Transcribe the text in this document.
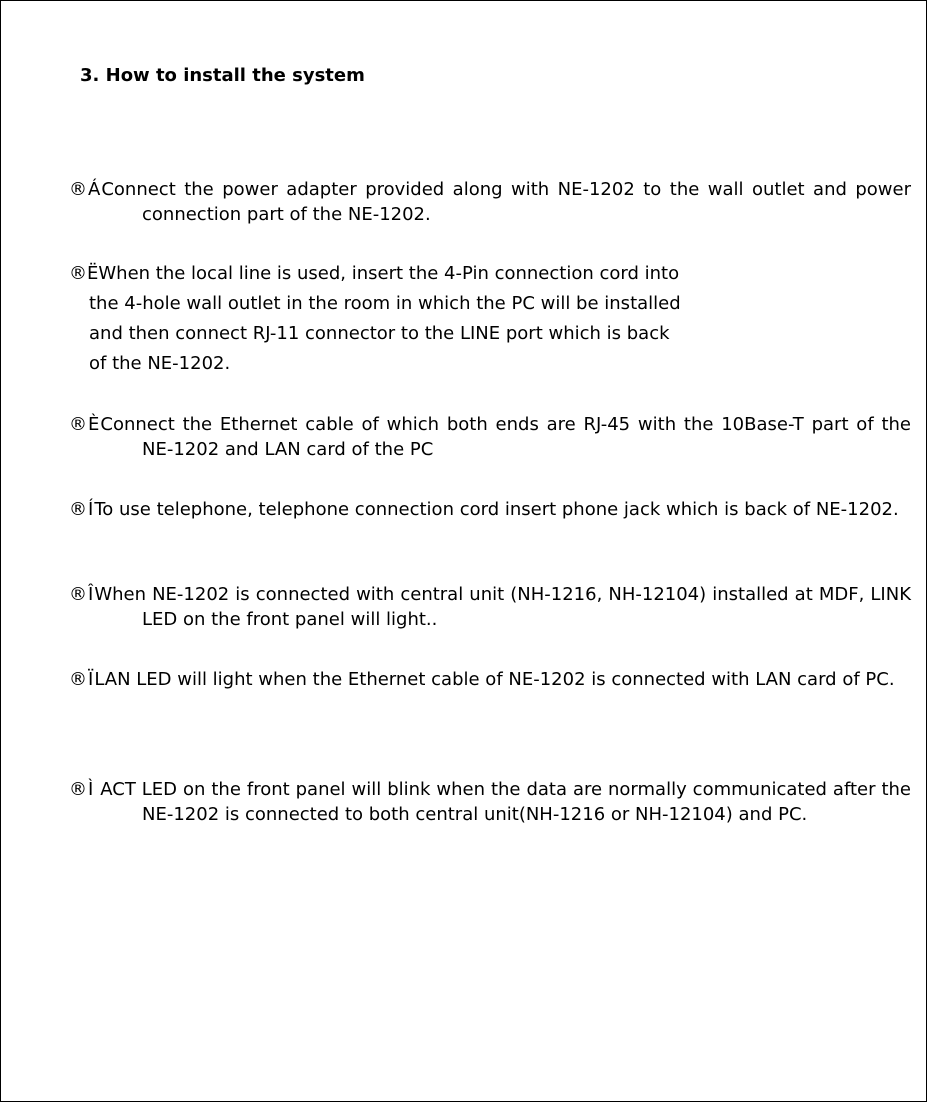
3. How to install the system

®ÁConnect the power adapter provided along with NE-1202 to the wall outlet and power connection part of the NE-1202.

®ËWhen the local line is used, insert the 4-Pin connection cord into
the 4-hole wall outlet in the room in which the PC will be installed
and then connect RJ-11 connector to the LINE port which is back
of the NE-1202.

®ÈConnect the Ethernet cable of which both ends are RJ-45 with the 10Base-T part of the NE-1202 and LAN card of the PC

®ÍTo use telephone, telephone connection cord insert phone jack which is back of NE-1202.

®ÎWhen NE-1202 is connected with central unit (NH-1216, NH-12104) installed at MDF, LINK LED on the front panel will light..

®ÏLAN LED will light when the Ethernet cable of NE-1202 is connected with LAN card of PC.

®Ì ACT LED on the front panel will blink when the data are normally communicated after the NE-1202 is connected to both central unit(NH-1216 or NH-12104) and PC.
